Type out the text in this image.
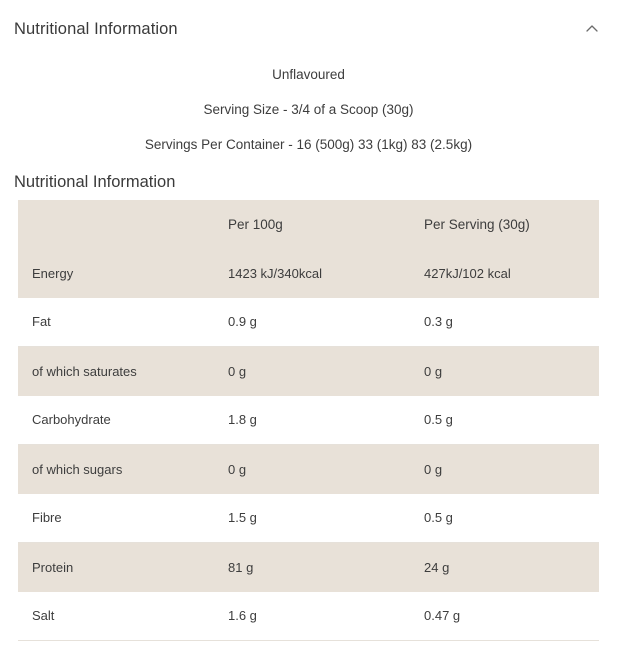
Nutritional Information
Unflavoured
Serving Size - 3/4 of a Scoop (30g)
Servings Per Container - 16 (500g) 33 (1kg) 83 (2.5kg)
Nutritional Information
	Per 100g	Per Serving (30g)
Energy	1423 kJ/340kcal	427kJ/102 kcal
Fat	0.9 g	0.3 g
of which saturates	0 g	0 g
Carbohydrate	1.8 g	0.5 g
of which sugars	0 g	0 g
Fibre	1.5 g	0.5 g
Protein	81 g	24 g
Salt	1.6 g	0.47 g
